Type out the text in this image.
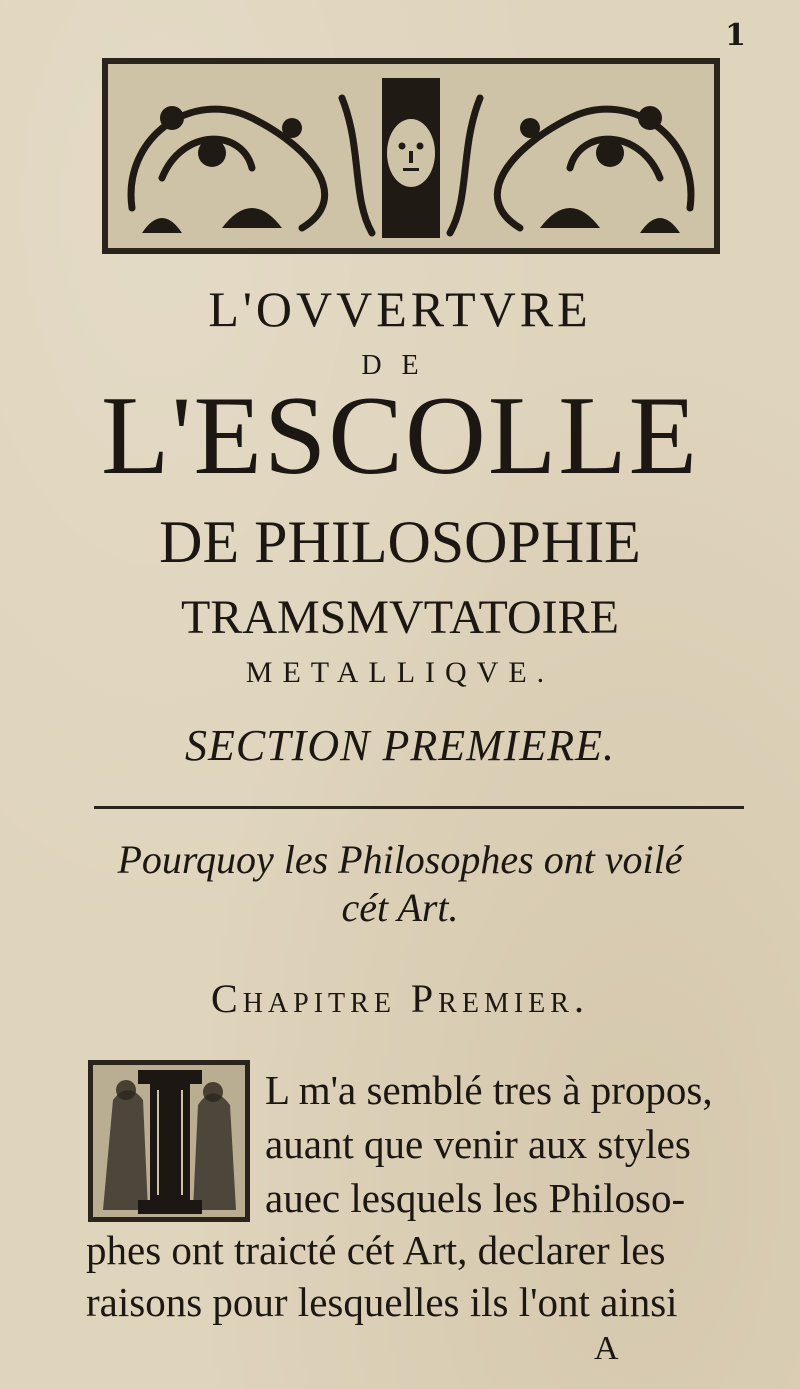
1
L'OVVERTVRE
DE
L'ESCOLLE
DE PHILOSOPHIE
TRAMSMVTATOIRE
METALLIQVE.
SECTION PREMIERE.
Pourquoy les Philosophes ont voilé
cét Art.
Chapitre Premier.
L m'a semblé tres à propos,
auant que venir aux styles
auec lesquels les Philoso-
phes ont traicté cét Art, declarer les
raisons pour lesquelles ils l'ont ainsi
A
